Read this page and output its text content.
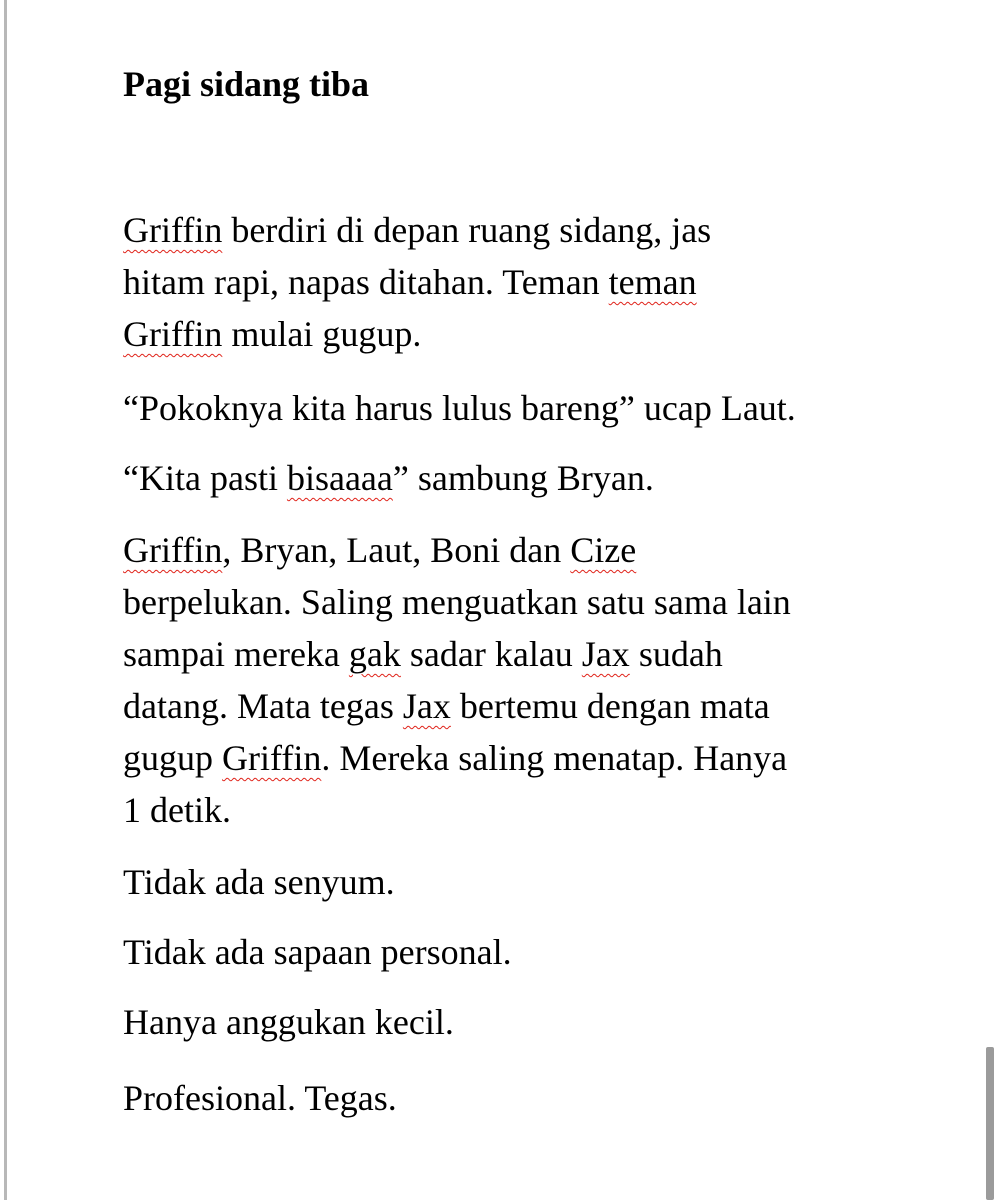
Pagi sidang tiba

Griffin berdiri di depan ruang sidang, jas
hitam rapi, napas ditahan. Teman teman
Griffin mulai gugup.

“Pokoknya kita harus lulus bareng” ucap Laut.

“Kita pasti bisaaaa” sambung Bryan.

Griffin, Bryan, Laut, Boni dan Cize
berpelukan. Saling menguatkan satu sama lain
sampai mereka gak sadar kalau Jax sudah
datang. Mata tegas Jax bertemu dengan mata
gugup Griffin. Mereka saling menatap. Hanya
1 detik.

Tidak ada senyum.

Tidak ada sapaan personal.

Hanya anggukan kecil.

Profesional. Tegas.
